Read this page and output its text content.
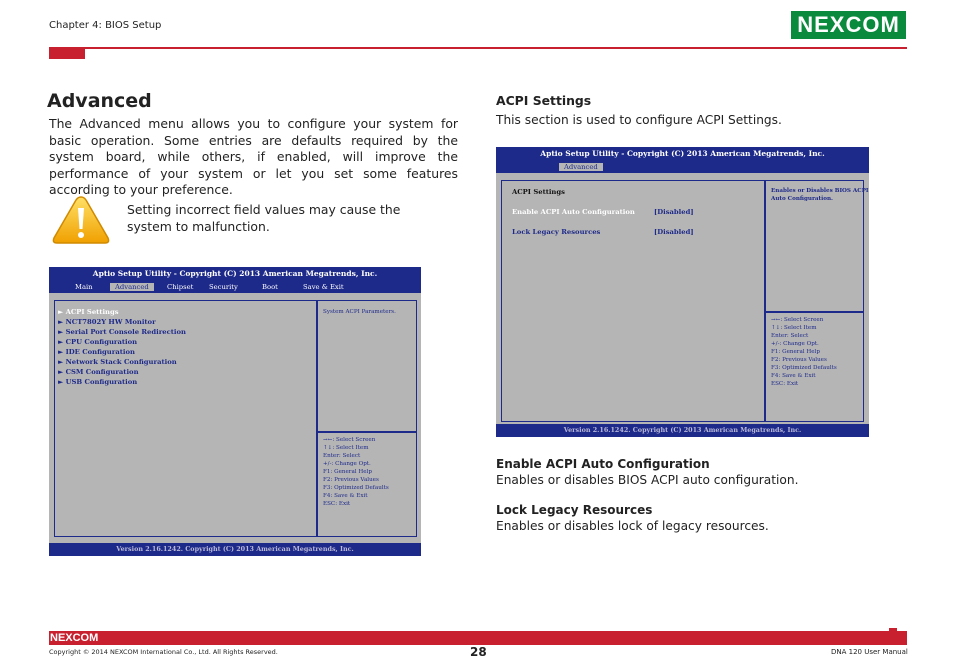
Chapter 4: BIOS Setup	NEXCOM
Advanced
The Advanced menu allows you to configure your system for basic operation. Some entries are defaults required by the system board, while others, if enabled, will improve the performance of your system or let you set some features according to your preference.
Setting incorrect field values may cause the system to malfunction.
Aptio Setup Utility - Copyright (C) 2013 American Megatrends, Inc.
Main	Advanced	Chipset Security	Boot	Save & Exit
► ACPI Settings
► NCT7802Y HW Monitor
► Serial Port Console Redirection
► CPU Configuration
► IDE Configuration
► Network Stack Configuration
► CSM Configuration
► USB Configuration
System ACPI Parameters.
→←: Select Screen
↑↓: Select Item
Enter: Select
+/-: Change Opt.
F1: General Help
F2: Previous Values
F3: Optimized Defaults
F4: Save & Exit
ESC: Exit
Version 2.16.1242. Copyright (C) 2013 American Megatrends, Inc.
ACPI Settings
This section is used to configure ACPI Settings.
Aptio Setup Utility - Copyright (C) 2013 American Megatrends, Inc.
Advanced
ACPI Settings
Enable ACPI Auto Configuration	[Disabled]
Lock Legacy Resources	[Disabled]
Enables or Disables BIOS ACPI
Auto Configuration.
→←: Select Screen
↑↓: Select Item
Enter: Select
+/-: Change Opt.
F1: General Help
F2: Previous Values
F3: Optimized Defaults
F4: Save & Exit
ESC: Exit
Version 2.16.1242. Copyright (C) 2013 American Megatrends, Inc.
Enable ACPI Auto Configuration
Enables or disables BIOS ACPI auto configuration.
Lock Legacy Resources
Enables or disables lock of legacy resources.
NEXCOM
Copyright © 2014 NEXCOM International Co., Ltd. All Rights Reserved.	28	DNA 120 User Manual
